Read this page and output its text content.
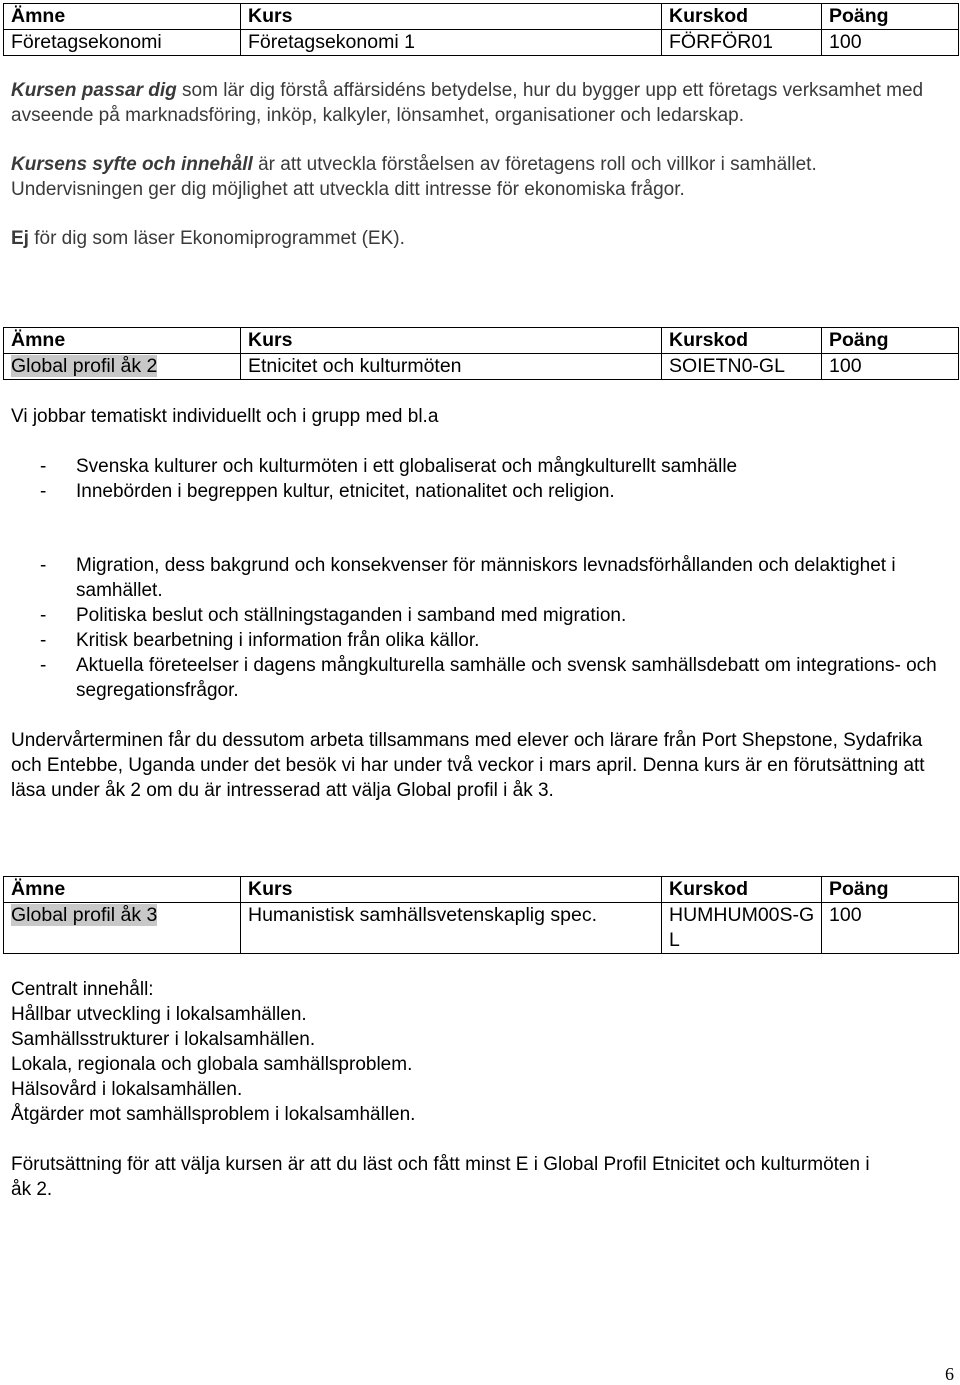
Ämne	Kurs	Kurskod	Poäng
Företagsekonomi	Företagsekonomi 1	FÖRFÖR01	100

Kursen passar dig som lär dig förstå affärsidéns betydelse, hur du bygger upp ett företags verksamhet med avseende på marknadsföring, inköp, kalkyler, lönsamhet, organisationer och ledarskap.

Kursens syfte och innehåll är att utveckla förståelsen av företagens roll och villkor i samhället. Undervisningen ger dig möjlighet att utveckla ditt intresse för ekonomiska frågor.

Ej för dig som läser Ekonomiprogrammet (EK).

Ämne	Kurs	Kurskod	Poäng
Global profil åk 2	Etnicitet och kulturmöten	SOIETN0-GL	100
Vi jobbar tematiskt individuellt och i grupp med bl.a
- Svenska kulturer och kulturmöten i ett globaliserat och mångkulturellt samhälle
- Innebörden i begreppen kultur, etnicitet, nationalitet och religion.
- Migration, dess bakgrund och konsekvenser för människors levnadsförhållanden och delaktighet i samhället.
- Politiska beslut och ställningstaganden i samband med migration.
- Kritisk bearbetning i information från olika källor.
- Aktuella företeelser i dagens mångkulturella samhälle och svensk samhällsdebatt om integrations- och segregationsfrågor.
Undervårterminen får du dessutom arbeta tillsammans med elever och lärare från Port Shepstone, Sydafrika och Entebbe, Uganda under det besök vi har under två veckor i mars april. Denna kurs är en förutsättning att läsa under åk 2 om du är intresserad att välja Global profil i åk 3.
Ämne	Kurs	Kurskod	Poäng
Global profil åk 3	Humanistisk samhällsvetenskaplig spec.	HUMHUM00S-GL	100

Centralt innehåll:

Hållbar utveckling i lokalsamhällen.

Samhällsstrukturer i lokalsamhällen.

Lokala, regionala och globala samhällsproblem.

Hälsovård i lokalsamhällen.

Åtgärder mot samhällsproblem i lokalsamhällen.

Förutsättning för att välja kursen är att du läst och fått minst E i Global Profil Etnicitet och kulturmöten i åk 2.
6
